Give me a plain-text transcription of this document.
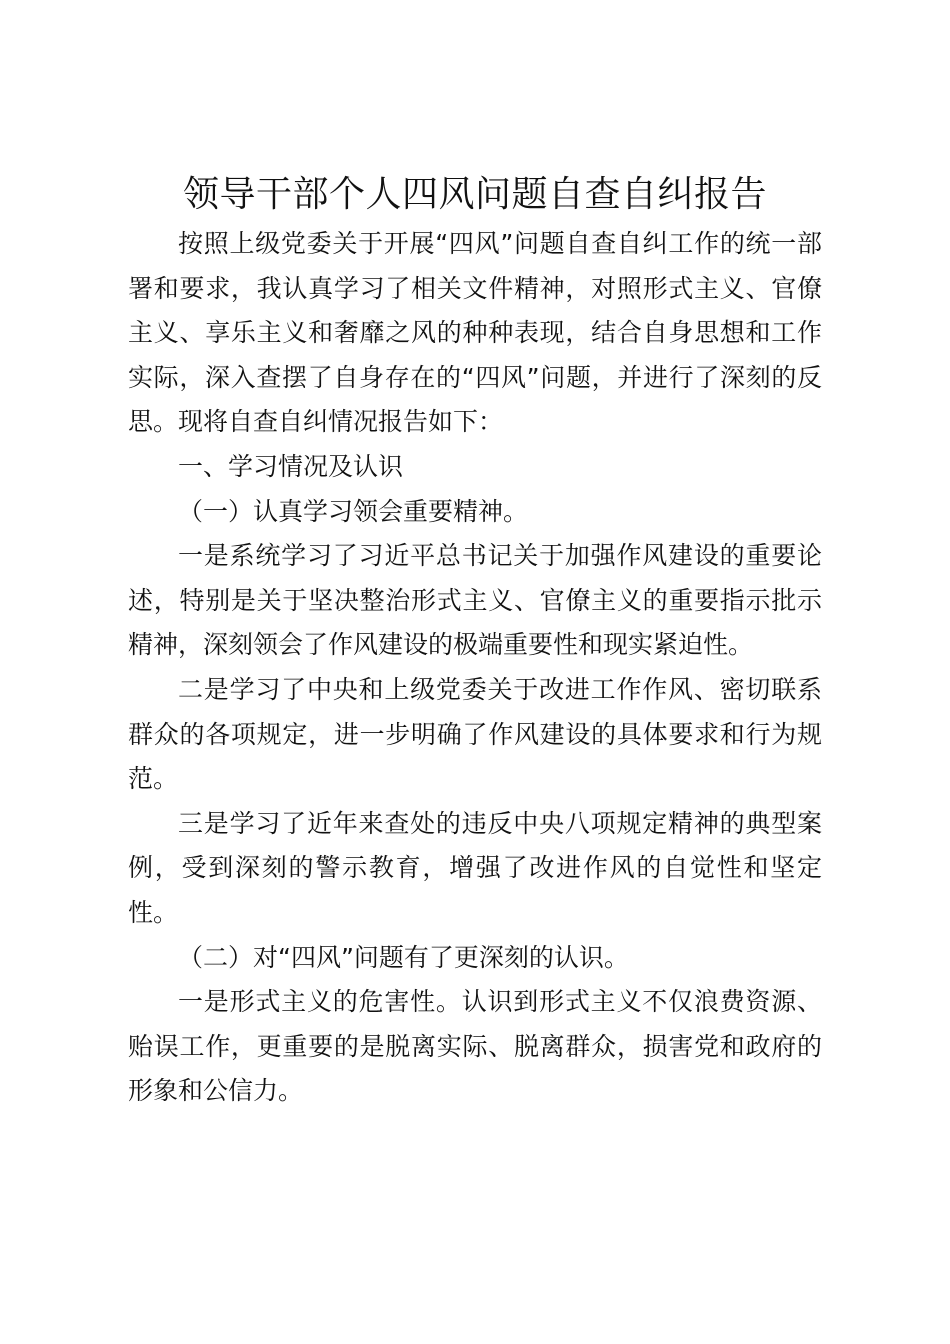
领导干部个人四风问题自查自纠报告

按照上级党委关于开展“四风”问题自查自纠工作的统一部署和要求，我认真学习了相关文件精神，对照形式主义、官僚主义、享乐主义和奢靡之风的种种表现，结合自身思想和工作实际，深入查摆了自身存在的“四风”问题，并进行了深刻的反思。现将自查自纠情况报告如下：

一、学习情况及认识

（一）认真学习领会重要精神。

一是系统学习了习近平总书记关于加强作风建设的重要论述，特别是关于坚决整治形式主义、官僚主义的重要指示批示精神，深刻领会了作风建设的极端重要性和现实紧迫性。

二是学习了中央和上级党委关于改进工作作风、密切联系群众的各项规定，进一步明确了作风建设的具体要求和行为规范。

三是学习了近年来查处的违反中央八项规定精神的典型案例，受到深刻的警示教育，增强了改进作风的自觉性和坚定性。

（二）对“四风”问题有了更深刻的认识。

一是形式主义的危害性。认识到形式主义不仅浪费资源、贻误工作，更重要的是脱离实际、脱离群众，损害党和政府的形象和公信力。
